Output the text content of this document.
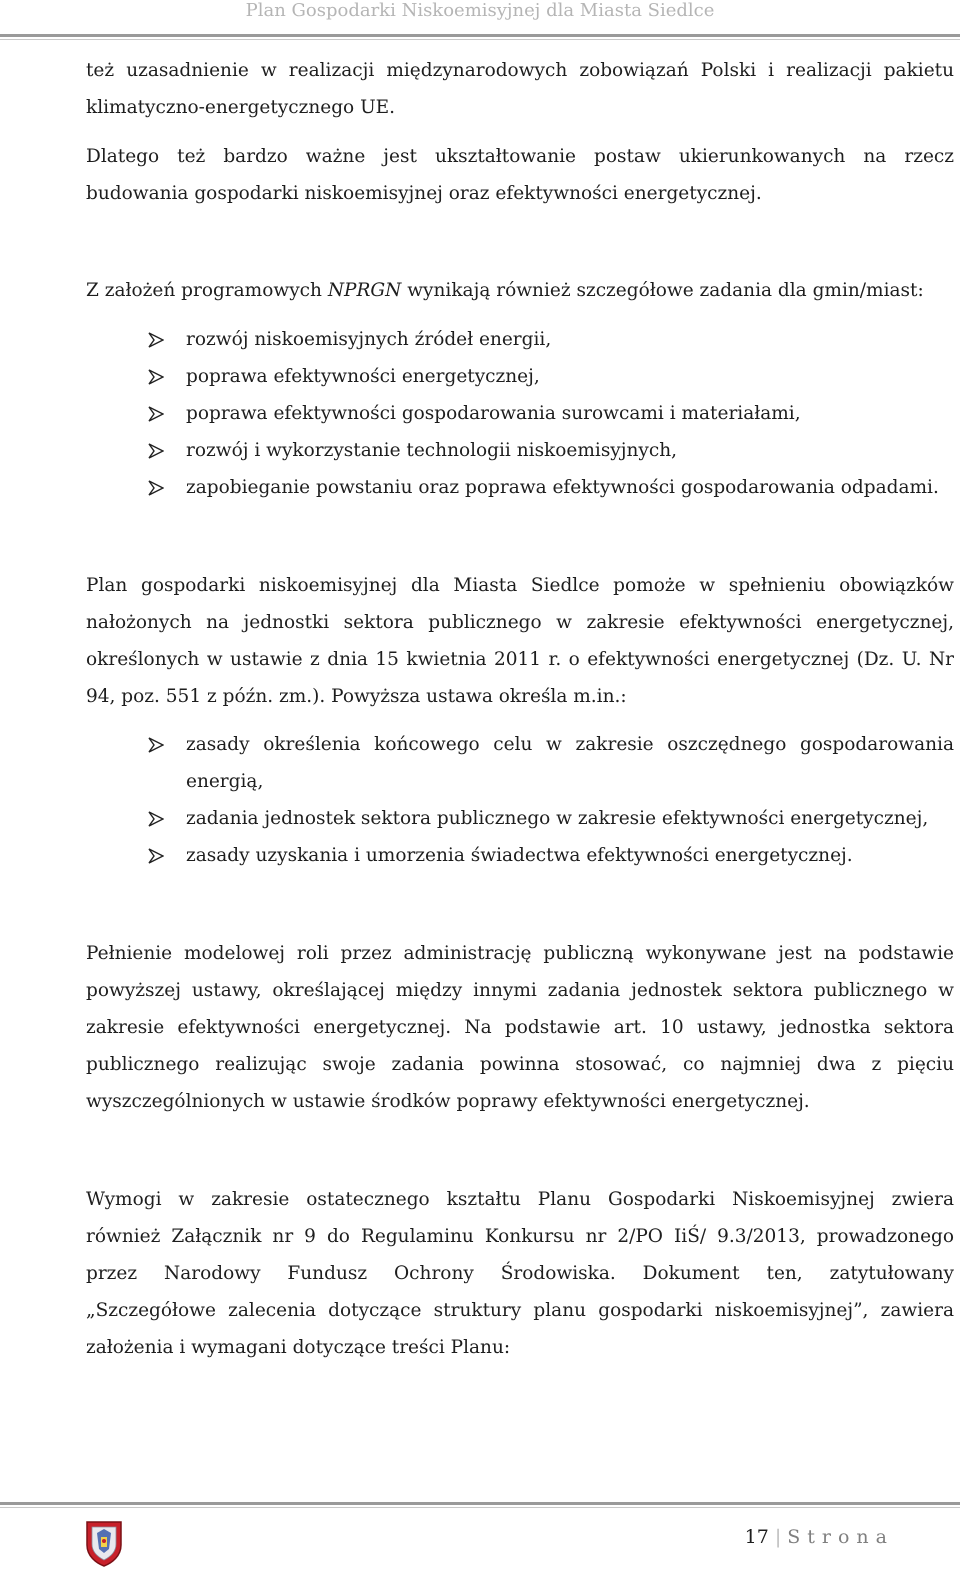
Plan Gospodarki Niskoemisyjnej dla Miasta Siedlce
też uzasadnienie w realizacji międzynarodowych zobowiązań Polski i realizacji pakietu
klimatyczno-energetycznego UE.
Dlatego też bardzo ważne jest ukształtowanie postaw ukierunkowanych na rzecz
budowania gospodarki niskoemisyjnej oraz efektywności energetycznej.
Z założeń programowych NPRGN wynikają również szczegółowe zadania dla gmin/miast:
rozwój niskoemisyjnych źródeł energii,
poprawa efektywności energetycznej,
poprawa efektywności gospodarowania surowcami i materiałami,
rozwój i wykorzystanie technologii niskoemisyjnych,
zapobieganie powstaniu oraz poprawa efektywności gospodarowania odpadami.
Plan gospodarki niskoemisyjnej dla Miasta Siedlce pomoże w spełnieniu obowiązków
nałożonych na jednostki sektora publicznego w zakresie efektywności energetycznej,
określonych w ustawie z dnia 15 kwietnia 2011 r. o efektywności energetycznej (Dz. U. Nr
94, poz. 551 z późn. zm.). Powyższa ustawa określa m.in.:
zasady określenia końcowego celu w zakresie oszczędnego gospodarowania
energią,
zadania jednostek sektora publicznego w zakresie efektywności energetycznej,
zasady uzyskania i umorzenia świadectwa efektywności energetycznej.
Pełnienie modelowej roli przez administrację publiczną wykonywane jest na podstawie
powyższej ustawy, określającej między innymi zadania jednostek sektora publicznego w
zakresie efektywności energetycznej. Na podstawie art. 10 ustawy, jednostka sektora
publicznego realizując swoje zadania powinna stosować, co najmniej dwa z pięciu
wyszczególnionych w ustawie środków poprawy efektywności energetycznej.
Wymogi w zakresie ostatecznego kształtu Planu Gospodarki Niskoemisyjnej zwiera
również Załącznik nr 9 do Regulaminu Konkursu nr 2/PO IiŚ/ 9.3/2013, prowadzonego
przez Narodowy Fundusz Ochrony Środowiska. Dokument ten, zatytułowany
„Szczegółowe zalecenia dotyczące struktury planu gospodarki niskoemisyjnej”, zawiera
założenia i wymagani dotyczące treści Planu:
17 | Strona
